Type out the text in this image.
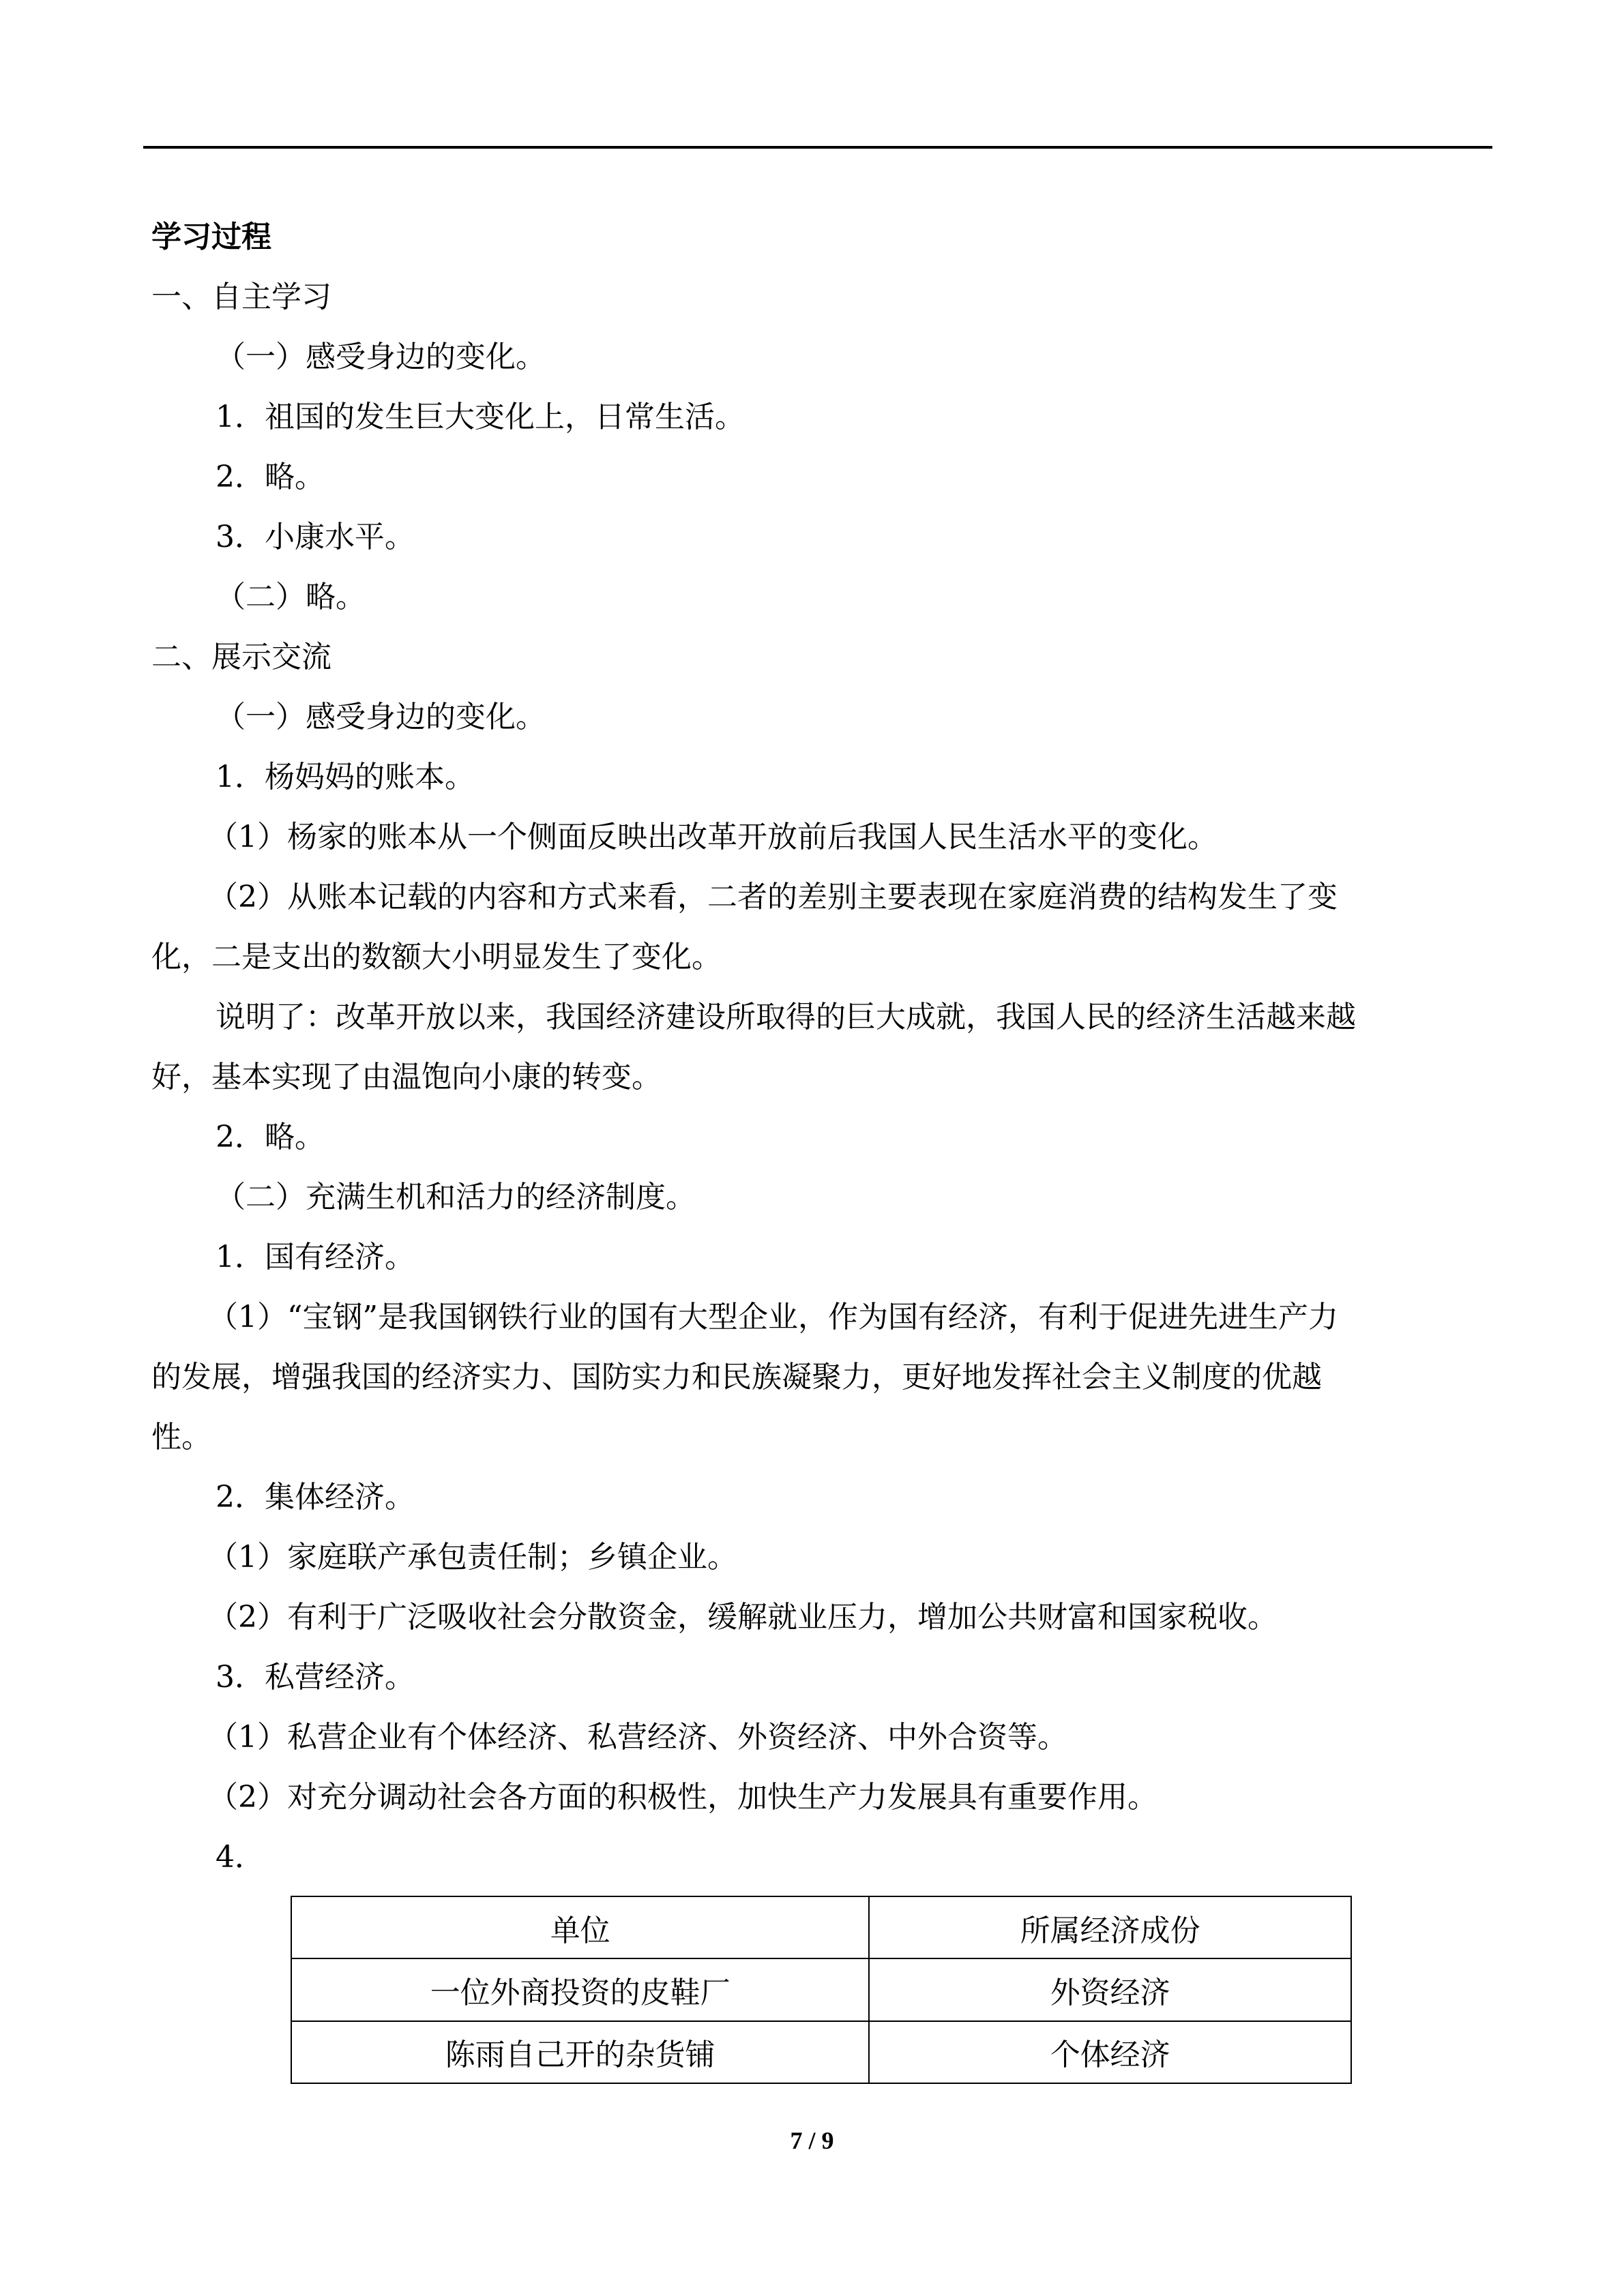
学习过程
一、自主学习
（一）感受身边的变化。
1．祖国的发生巨大变化上，日常生活。
2．略。
3．小康水平。
（二）略。
二、展示交流
（一）感受身边的变化。
1．杨妈妈的账本。
（1）杨家的账本从一个侧面反映出改革开放前后我国人民生活水平的变化。
（2）从账本记载的内容和方式来看，二者的差别主要表现在家庭消费的结构发生了变
化，二是支出的数额大小明显发生了变化。
说明了：改革开放以来，我国经济建设所取得的巨大成就，我国人民的经济生活越来越
好，基本实现了由温饱向小康的转变。
2．略。
（二）充满生机和活力的经济制度。
1．国有经济。
（1）“宝钢”是我国钢铁行业的国有大型企业，作为国有经济，有利于促进先进生产力
的发展，增强我国的经济实力、国防实力和民族凝聚力，更好地发挥社会主义制度的优越
性。
2．集体经济。
（1）家庭联产承包责任制；乡镇企业。
（2）有利于广泛吸收社会分散资金，缓解就业压力，增加公共财富和国家税收。
3．私营经济。
（1）私营企业有个体经济、私营经济、外资经济、中外合资等。
（2）对充分调动社会各方面的积极性，加快生产力发展具有重要作用。
4．
单位	所属经济成份
一位外商投资的皮鞋厂	外资经济
陈雨自己开的杂货铺	个体经济
7 / 9
